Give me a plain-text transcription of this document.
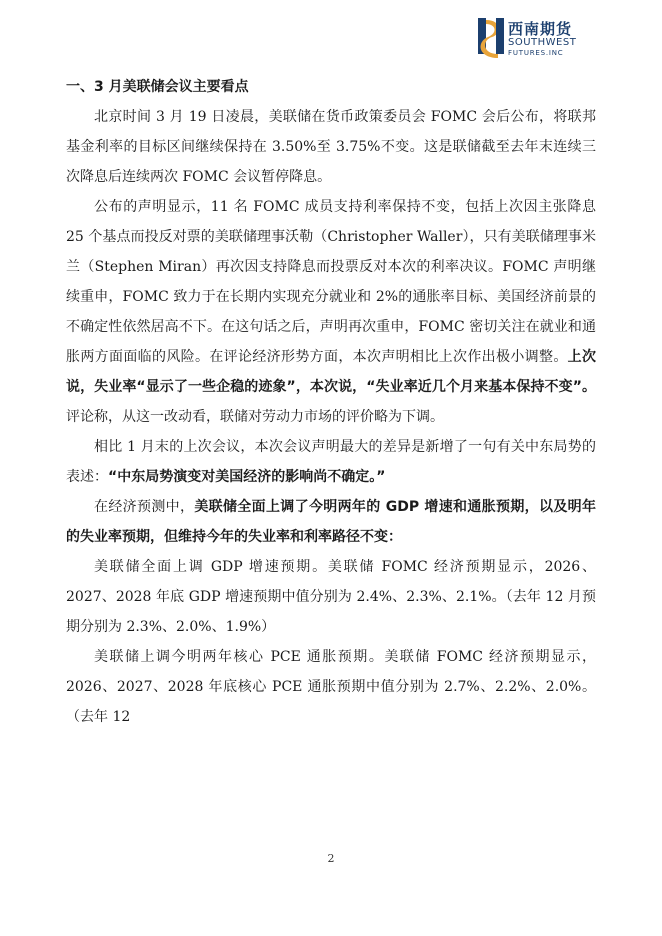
西南期货
SOUTHWEST
FUTURES.INC
一、3 月美联储会议主要看点

北京时间 3 月 19 日凌晨，美联储在货币政策委员会 FOMC 会后公布，将联邦基金利率的目标区间继续保持在 3.50%至 3.75%不变。这是联储截至去年末连续三次降息后连续两次 FOMC 会议暂停降息。

公布的声明显示，11 名 FOMC 成员支持利率保持不变，包括上次因主张降息 25 个基点而投反对票的美联储理事沃勒（Christopher Waller），只有美联储理事米兰（Stephen Miran）再次因支持降息而投票反对本次的利率决议。FOMC 声明继续重申，FOMC 致力于在长期内实现充分就业和 2%的通胀率目标、美国经济前景的不确定性依然居高不下。在这句话之后，声明再次重申，FOMC 密切关注在就业和通胀两方面面临的风险。在评论经济形势方面，本次声明相比上次作出极小调整。上次说，失业率“显示了一些企稳的迹象”，本次说，“失业率近几个月来基本保持不变”。评论称，从这一改动看，联储对劳动力市场的评价略为下调。

相比 1 月末的上次会议，本次会议声明最大的差异是新增了一句有关中东局势的表述：“中东局势演变对美国经济的影响尚不确定。”

在经济预测中，美联储全面上调了今明两年的 GDP 增速和通胀预期，以及明年的失业率预期，但维持今年的失业率和利率路径不变：

美联储全面上调 GDP 增速预期。美联储 FOMC 经济预期显示，2026、2027、2028 年底 GDP 增速预期中值分别为 2.4%、2.3%、2.1%。（去年 12 月预期分别为 2.3%、2.0%、1.9%）

美联储上调今明两年核心 PCE 通胀预期。美联储 FOMC 经济预期显示，2026、2027、2028 年底核心 PCE 通胀预期中值分别为 2.7%、2.2%、2.0%。（去年 12

2
